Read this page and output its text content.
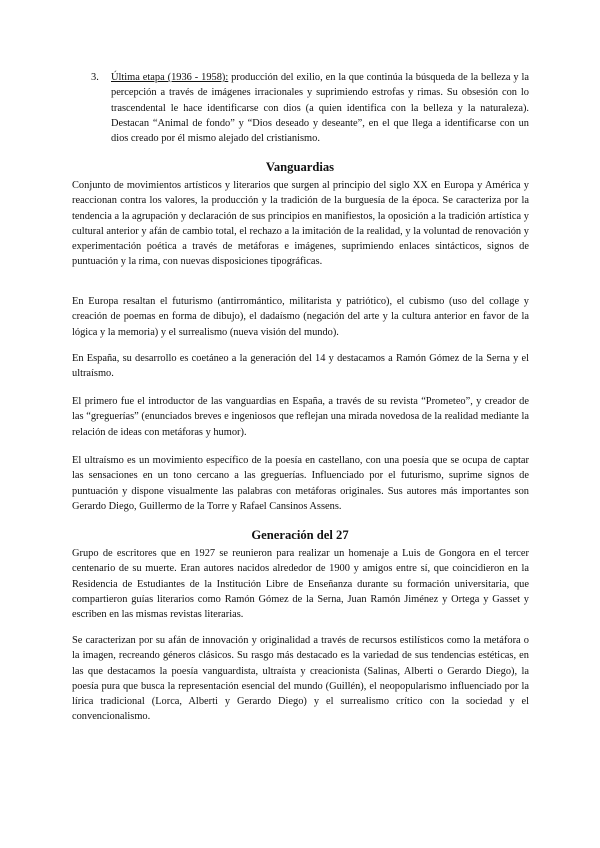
3. Última etapa (1936 - 1958): producción del exilio, en la que continúa la búsqueda de la belleza y la percepción a través de imágenes irracionales y suprimiendo estrofas y rimas. Su obsesión con lo trascendental le hace identificarse con dios (a quien identifica con la belleza y la naturaleza). Destacan “Animal de fondo” y “Dios deseado y deseante”, en el que llega a identificarse con un dios creado por él mismo alejado del cristianismo.
Vanguardias

Conjunto de movimientos artísticos y literarios que surgen al principio del siglo XX en Europa y América y reaccionan contra los valores, la producción y la tradición de la burguesía de la época. Se caracteriza por la tendencia a la agrupación y declaración de sus principios en manifiestos, la oposición a la tradición artística y cultural anterior y afán de cambio total, el rechazo a la imitación de la realidad, y la voluntad de renovación y experimentación poética a través de metáforas e imágenes, suprimiendo enlaces sintácticos, signos de puntuación y la rima, con nuevas disposiciones tipográficas.

En Europa resaltan el futurismo (antirromántico, militarista y patriótico), el cubismo (uso del collage y creación de poemas en forma de dibujo), el dadaísmo (negación del arte y la cultura anterior en favor de la lógica y la memoria) y el surrealismo (nueva visión del mundo).

En España, su desarrollo es coetáneo a la generación del 14 y destacamos a Ramón Gómez de la Serna y el ultraísmo.

El primero fue el introductor de las vanguardias en España, a través de su revista “Prometeo”, y creador de las “greguerías” (enunciados breves e ingeniosos que reflejan una mirada novedosa de la realidad mediante la relación de ideas con metáforas y humor).

El ultraísmo es un movimiento específico de la poesía en castellano, con una poesía que se ocupa de captar las sensaciones en un tono cercano a las greguerías. Influenciado por el futurismo, suprime signos de puntuación y dispone visualmente las palabras con metáforas originales. Sus autores más importantes son Gerardo Diego, Guillermo de la Torre y Rafael Cansinos Assens.

Generación del 27

Grupo de escritores que en 1927 se reunieron para realizar un homenaje a Luis de Gongora en el tercer centenario de su muerte. Eran autores nacidos alrededor de 1900 y amigos entre sí, que coincidieron en la Residencia de Estudiantes de la Institución Libre de Enseñanza durante su formación universitaria, que compartieron guías literarios como Ramón Gómez de la Serna, Juan Ramón Jiménez y Ortega y Gasset y escriben en las mismas revistas literarias.

Se caracterizan por su afán de innovación y originalidad a través de recursos estilísticos como la metáfora o la imagen, recreando géneros clásicos. Su rasgo más destacado es la variedad de sus tendencias estéticas, en las que destacamos la poesía vanguardista, ultraísta y creacionista (Salinas, Alberti o Gerardo Diego), la poesía pura que busca la representación esencial del mundo (Guillén), el neopopularismo influenciado por la lírica tradicional (Lorca, Alberti y Gerardo Diego) y el surrealismo crítico con la sociedad y el convencionalismo.
